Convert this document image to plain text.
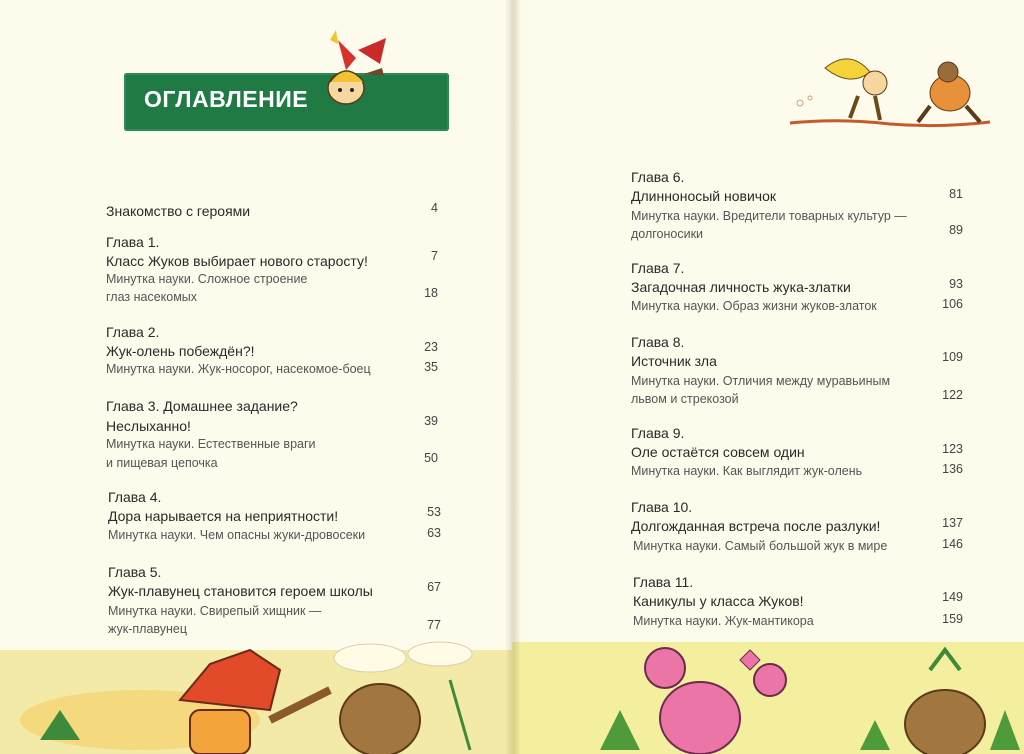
ОГЛАВЛЕНИЕ
Знакомство с героями	4
Глава 1.
Класс Жуков выбирает нового старосту!	7
Минутка науки. Сложное строение
глаз насекомых	18
Глава 2.
Жук-олень побеждён?!	23
Минутка науки. Жук-носорог, насекомое-боец	35
Глава 3. Домашнее задание?
Неслыханно!	39
Минутка науки. Естественные враги
и пищевая цепочка	50
Глава 4.
Дора нарывается на неприятности!	53
Минутка науки. Чем опасны жуки-дровосеки	63
Глава 5.
Жук-плавунец становится героем школы	67
Минутка науки. Свирепый хищник —
жук-плавунец	77
Глава 6.
Длинноносый новичок	81
Минутка науки. Вредители товарных культур —
долгоносики	89
Глава 7.
Загадочная личность жука-златки	93
Минутка науки. Образ жизни жуков-златок	106
Глава 8.
Источник зла	109
Минутка науки. Отличия между муравьиным
львом и стрекозой	122
Глава 9.
Оле остаётся совсем один	123
Минутка науки. Как выглядит жук-олень	136
Глава 10.
Долгожданная встреча после разлуки!	137
Минутка науки. Самый большой жук в мире	146
Глава 11.
Каникулы у класса Жуков!	149
Минутка науки. Жук-мантикора	159
